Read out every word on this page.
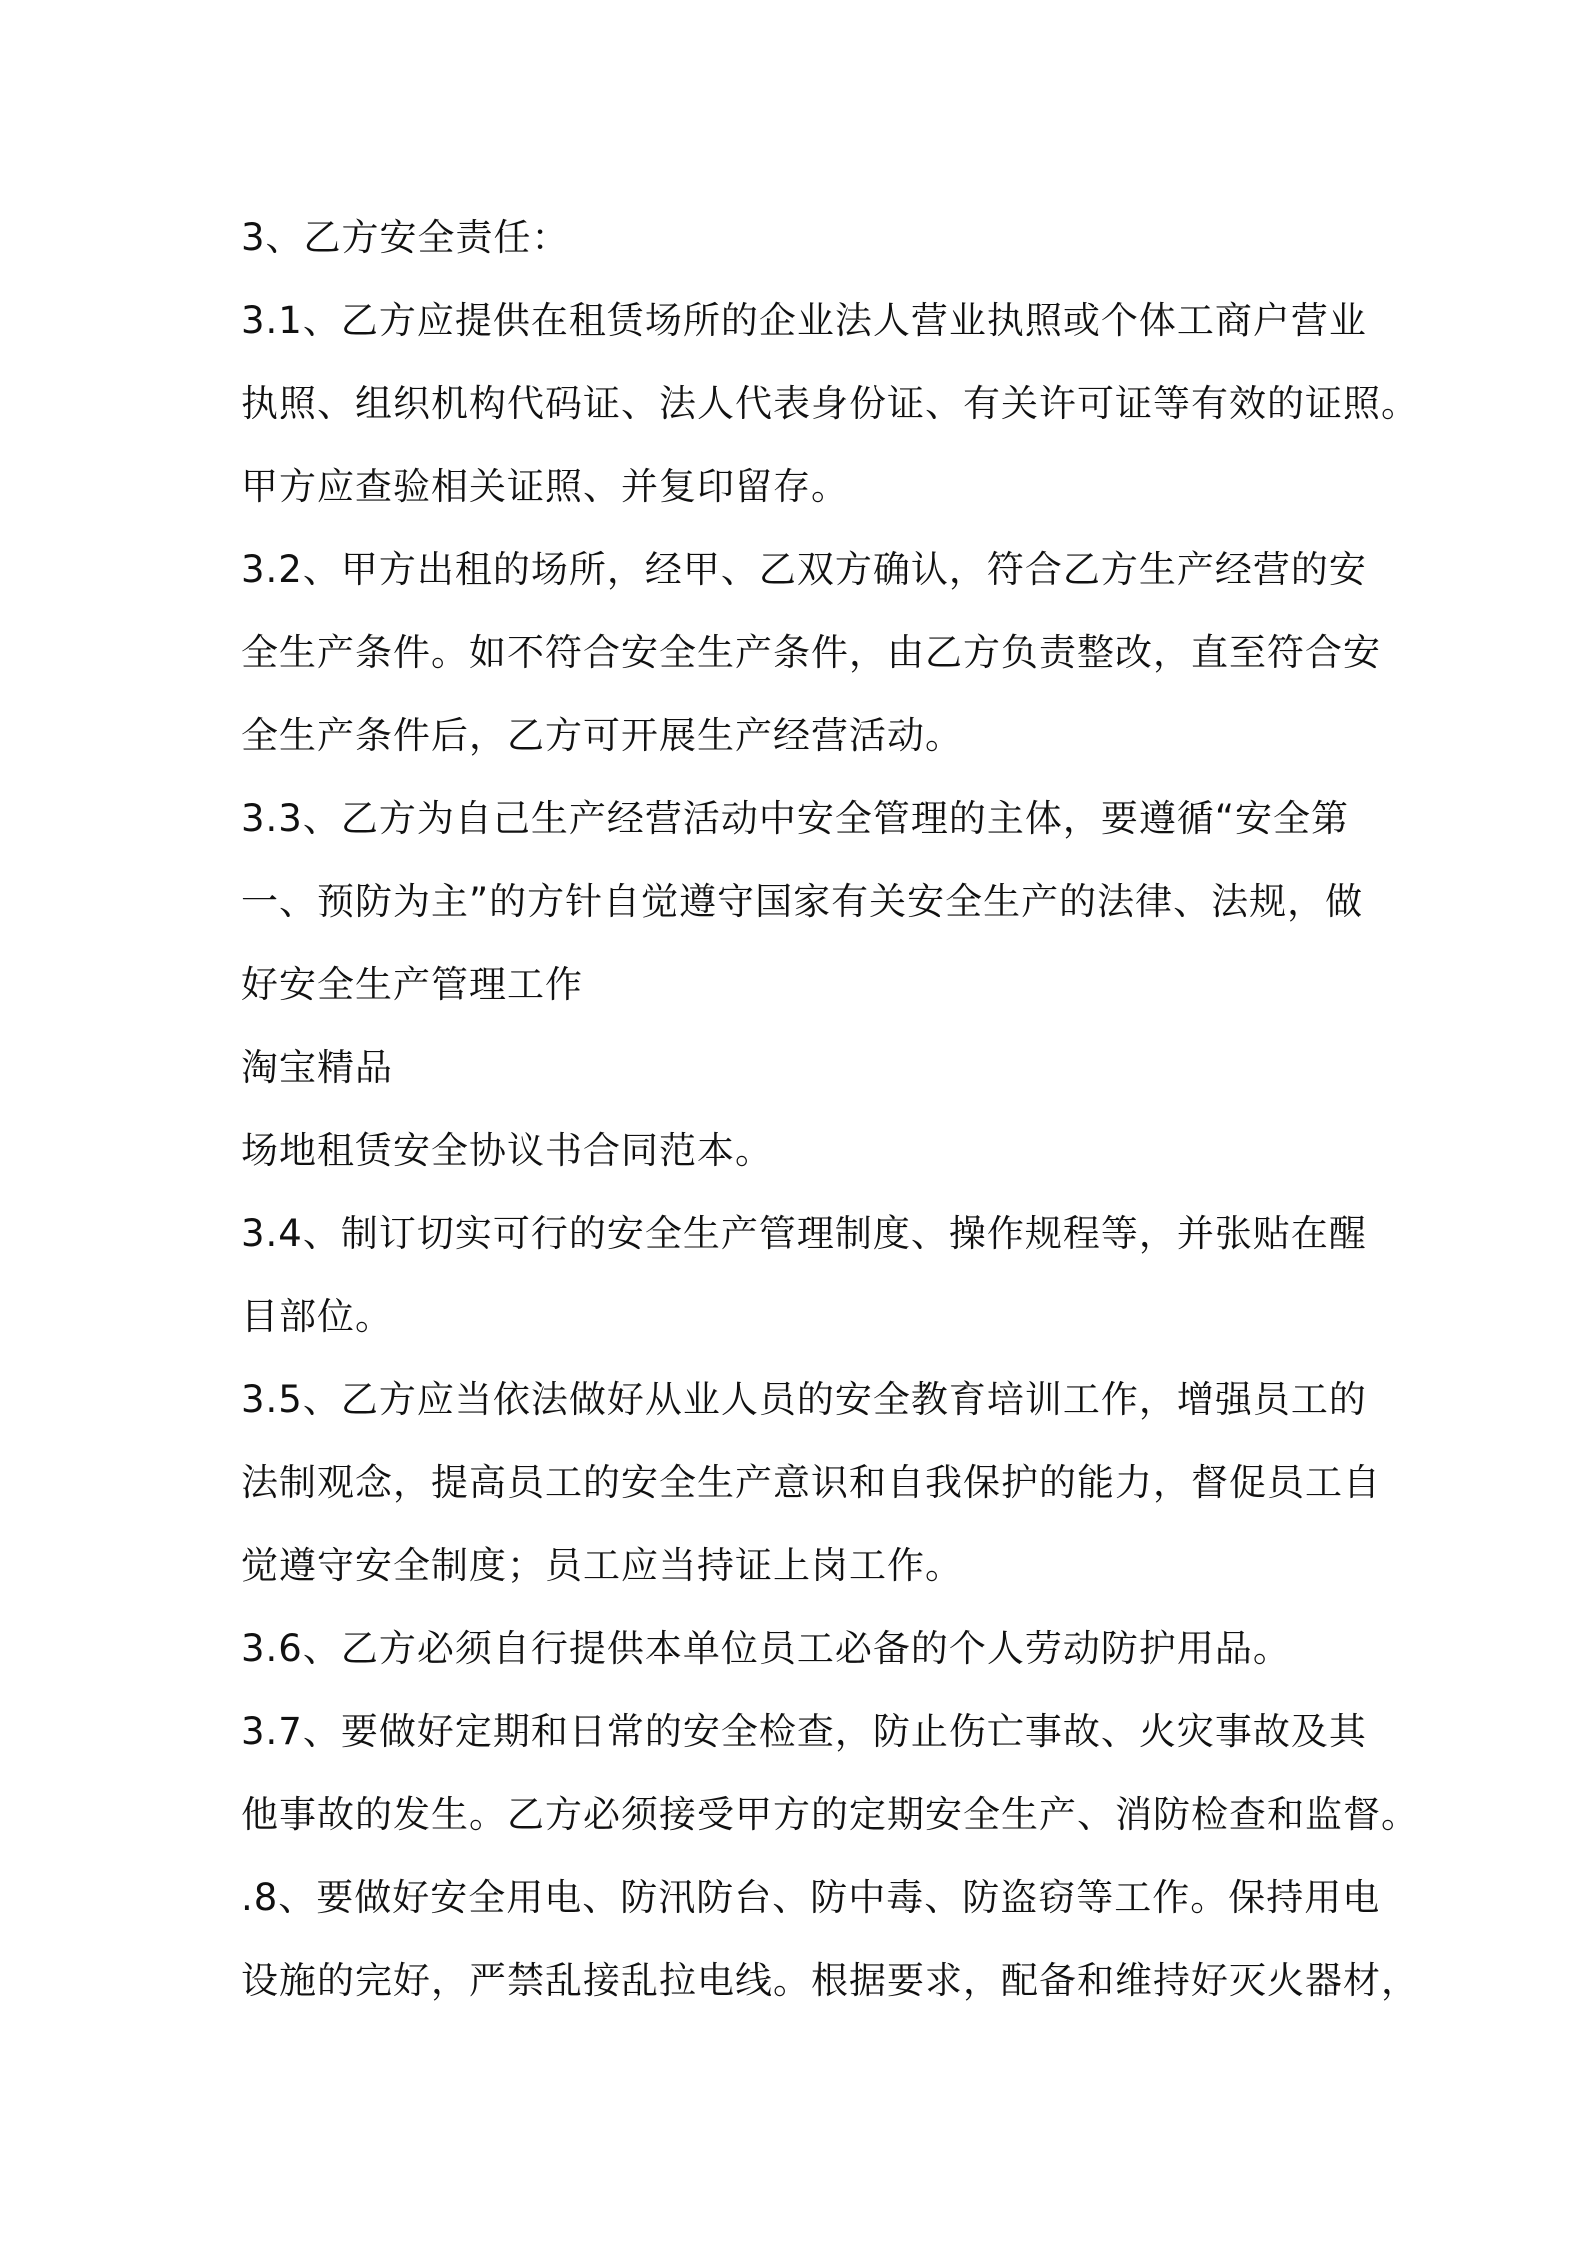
3、乙方安全责任：
3.1、乙方应提供在租赁场所的企业法人营业执照或个体工商户营业
执照、组织机构代码证、法人代表身份证、有关许可证等有效的证照。
甲方应查验相关证照、并复印留存。
3.2、甲方出租的场所，经甲、乙双方确认，符合乙方生产经营的安
全生产条件。如不符合安全生产条件，由乙方负责整改，直至符合安
全生产条件后，乙方可开展生产经营活动。
3.3、乙方为自己生产经营活动中安全管理的主体，要遵循“安全第
一、预防为主”的方针自觉遵守国家有关安全生产的法律、法规，做
好安全生产管理工作
淘宝精品
场地租赁安全协议书合同范本。
3.4、制订切实可行的安全生产管理制度、操作规程等，并张贴在醒
目部位。
3.5、乙方应当依法做好从业人员的安全教育培训工作，增强员工的
法制观念，提高员工的安全生产意识和自我保护的能力，督促员工自
觉遵守安全制度；员工应当持证上岗工作。
3.6、乙方必须自行提供本单位员工必备的个人劳动防护用品。
3.7、要做好定期和日常的安全检查，防止伤亡事故、火灾事故及其
他事故的发生。乙方必须接受甲方的定期安全生产、消防检查和监督。
.8、要做好安全用电、防汛防台、防中毒、防盗窃等工作。保持用电
设施的完好，严禁乱接乱拉电线。根据要求，配备和维持好灭火器材，
